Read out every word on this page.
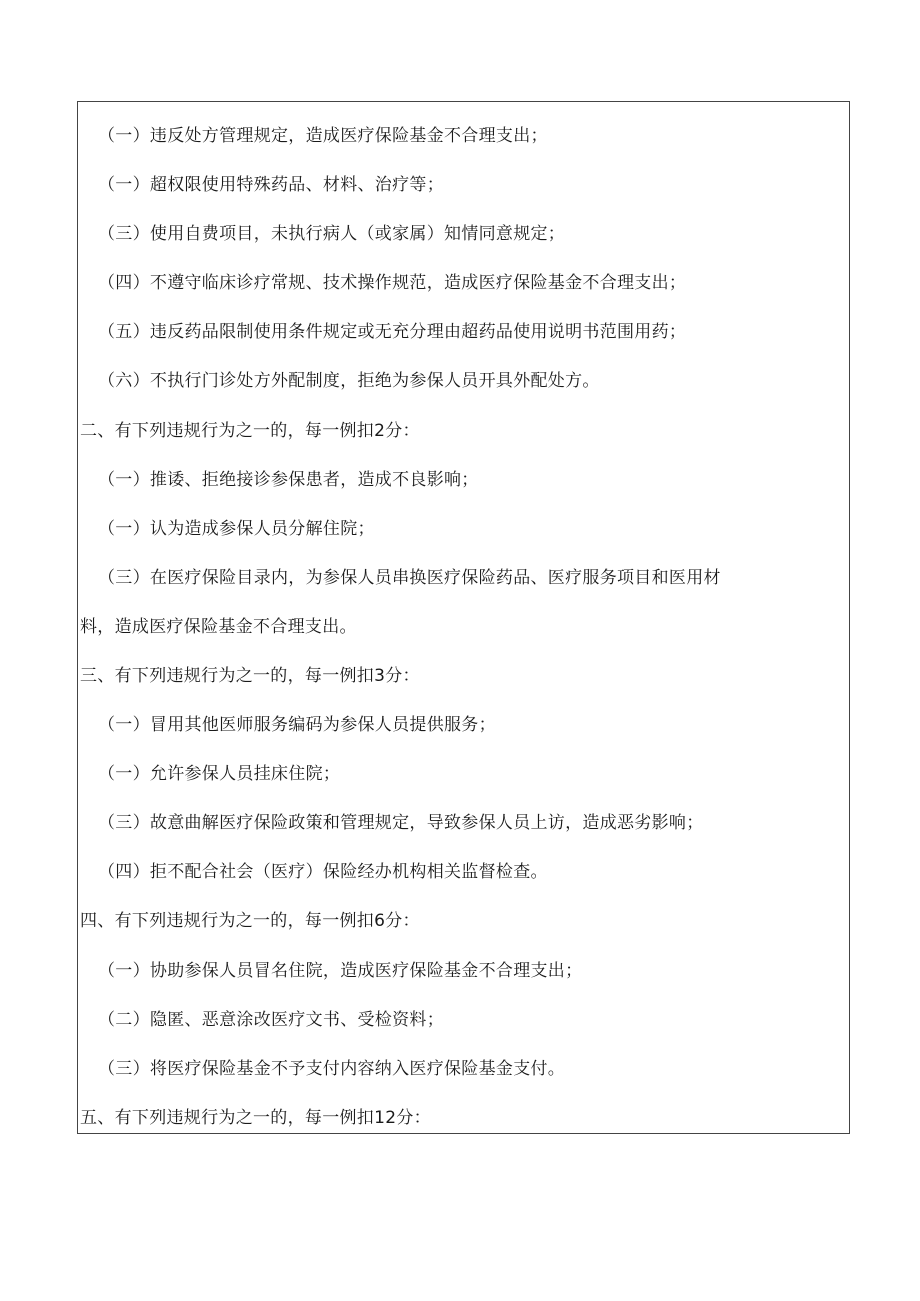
（一）违反处方管理规定，造成医疗保险基金不合理支出；
（一）超权限使用特殊药品、材料、治疗等；
（三）使用自费项目，未执行病人（或家属）知情同意规定；
（四）不遵守临床诊疗常规、技术操作规范，造成医疗保险基金不合理支出；
（五）违反药品限制使用条件规定或无充分理由超药品使用说明书范围用药；
（六）不执行门诊处方外配制度，拒绝为参保人员开具外配处方。
二、有下列违规行为之一的，每一例扣2分：
（一）推诿、拒绝接诊参保患者，造成不良影响；
（一）认为造成参保人员分解住院；
（三）在医疗保险目录内，为参保人员串换医疗保险药品、医疗服务项目和医用材
料，造成医疗保险基金不合理支出。
三、有下列违规行为之一的，每一例扣3分：
（一）冒用其他医师服务编码为参保人员提供服务；
（一）允许参保人员挂床住院；
（三）故意曲解医疗保险政策和管理规定，导致参保人员上访，造成恶劣影响；
（四）拒不配合社会（医疗）保险经办机构相关监督检查。
四、有下列违规行为之一的，每一例扣6分：
（一）协助参保人员冒名住院，造成医疗保险基金不合理支出；
（二）隐匿、恶意涂改医疗文书、受检资料；
（三）将医疗保险基金不予支付内容纳入医疗保险基金支付。
五、有下列违规行为之一的，每一例扣12分：
